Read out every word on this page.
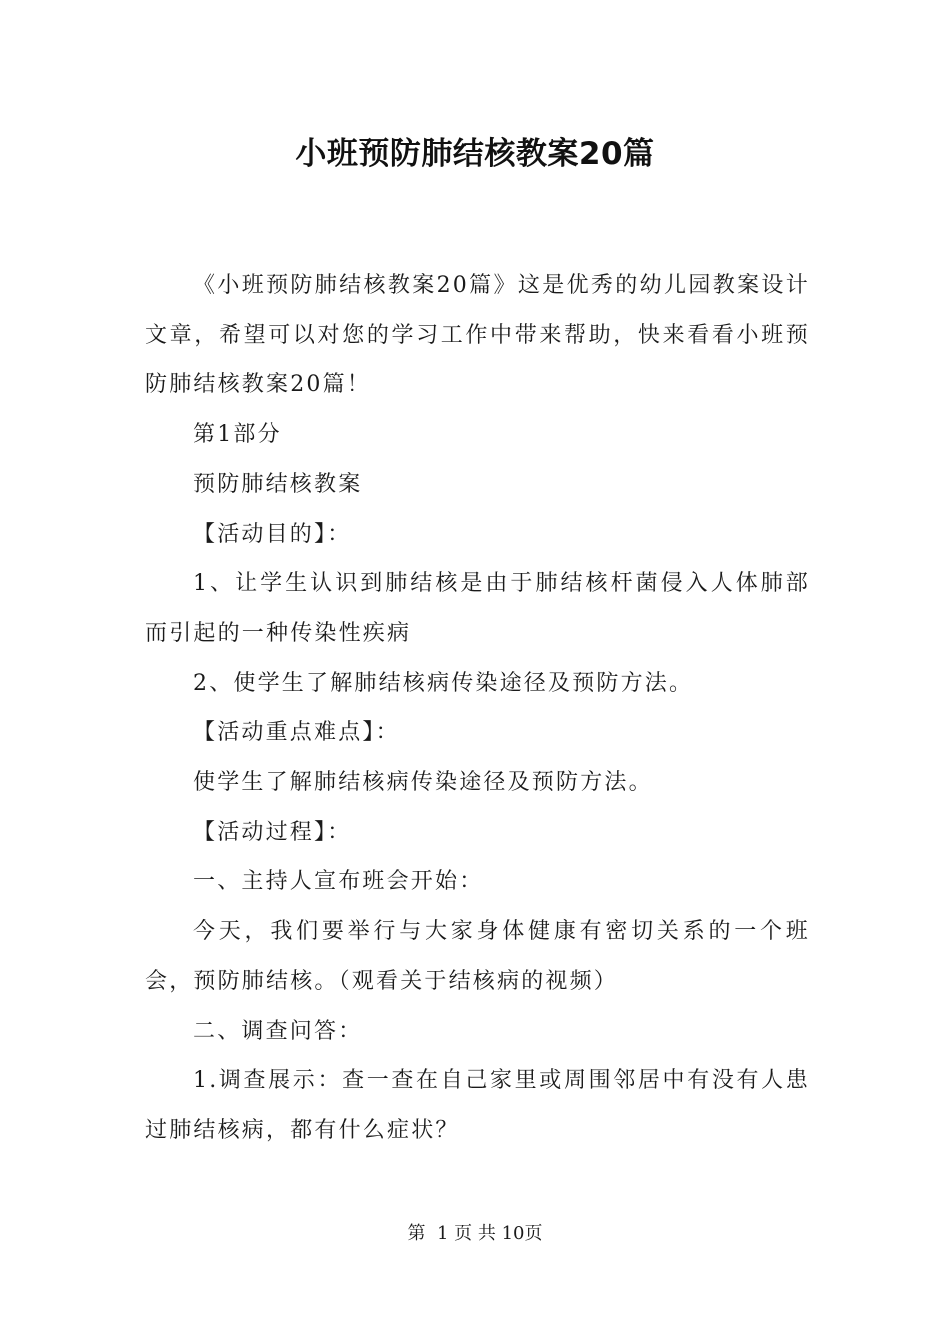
小班预防肺结核教案20篇

《小班预防肺结核教案20篇》这是优秀的幼儿园教案设计文章，希望可以对您的学习工作中带来帮助，快来看看小班预防肺结核教案20篇！

第1部分

预防肺结核教案

【活动目的】：

1、让学生认识到肺结核是由于肺结核杆菌侵入人体肺部而引起的一种传染性疾病

2、使学生了解肺结核病传染途径及预防方法。

【活动重点难点】：

使学生了解肺结核病传染途径及预防方法。

【活动过程】：

一、主持人宣布班会开始：

今天，我们要举行与大家身体健康有密切关系的一个班会，预防肺结核。（观看关于结核病的视频）

二、调查问答：

1.调查展示：查一查在自己家里或周围邻居中有没有人患过肺结核病，都有什么症状？

第  1 页 共 10页
